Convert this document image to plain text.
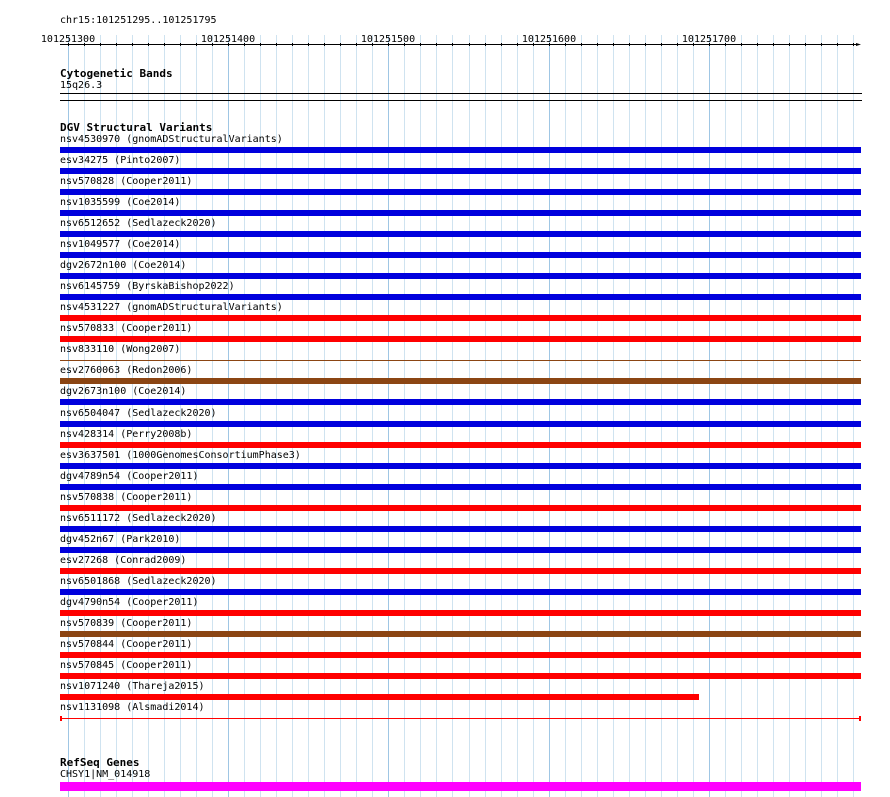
chr15:101251295..101251795
101251300	101251400	101251500	101251600	101251700
Cytogenetic Bands
15q26.3
DGV Structural Variants
nsv4530970 (gnomADStructuralVariants)
esv34275 (Pinto2007)
nsv570828 (Cooper2011)
nsv1035599 (Coe2014)
nsv6512652 (Sedlazeck2020)
nsv1049577 (Coe2014)
dgv2672n100 (Coe2014)
nsv6145759 (ByrskaBishop2022)
nsv4531227 (gnomADStructuralVariants)
nsv570833 (Cooper2011)
nsv833110 (Wong2007)
esv2760063 (Redon2006)
dgv2673n100 (Coe2014)
nsv6504047 (Sedlazeck2020)
nsv428314 (Perry2008b)
esv3637501 (1000GenomesConsortiumPhase3)
dgv4789n54 (Cooper2011)
nsv570838 (Cooper2011)
nsv6511172 (Sedlazeck2020)
dgv452n67 (Park2010)
esv27268 (Conrad2009)
nsv6501868 (Sedlazeck2020)
dgv4790n54 (Cooper2011)
nsv570839 (Cooper2011)
nsv570844 (Cooper2011)
nsv570845 (Cooper2011)
nsv1071240 (Thareja2015)
nsv1131098 (Alsmadi2014)
RefSeq Genes
CHSY1|NM_014918
